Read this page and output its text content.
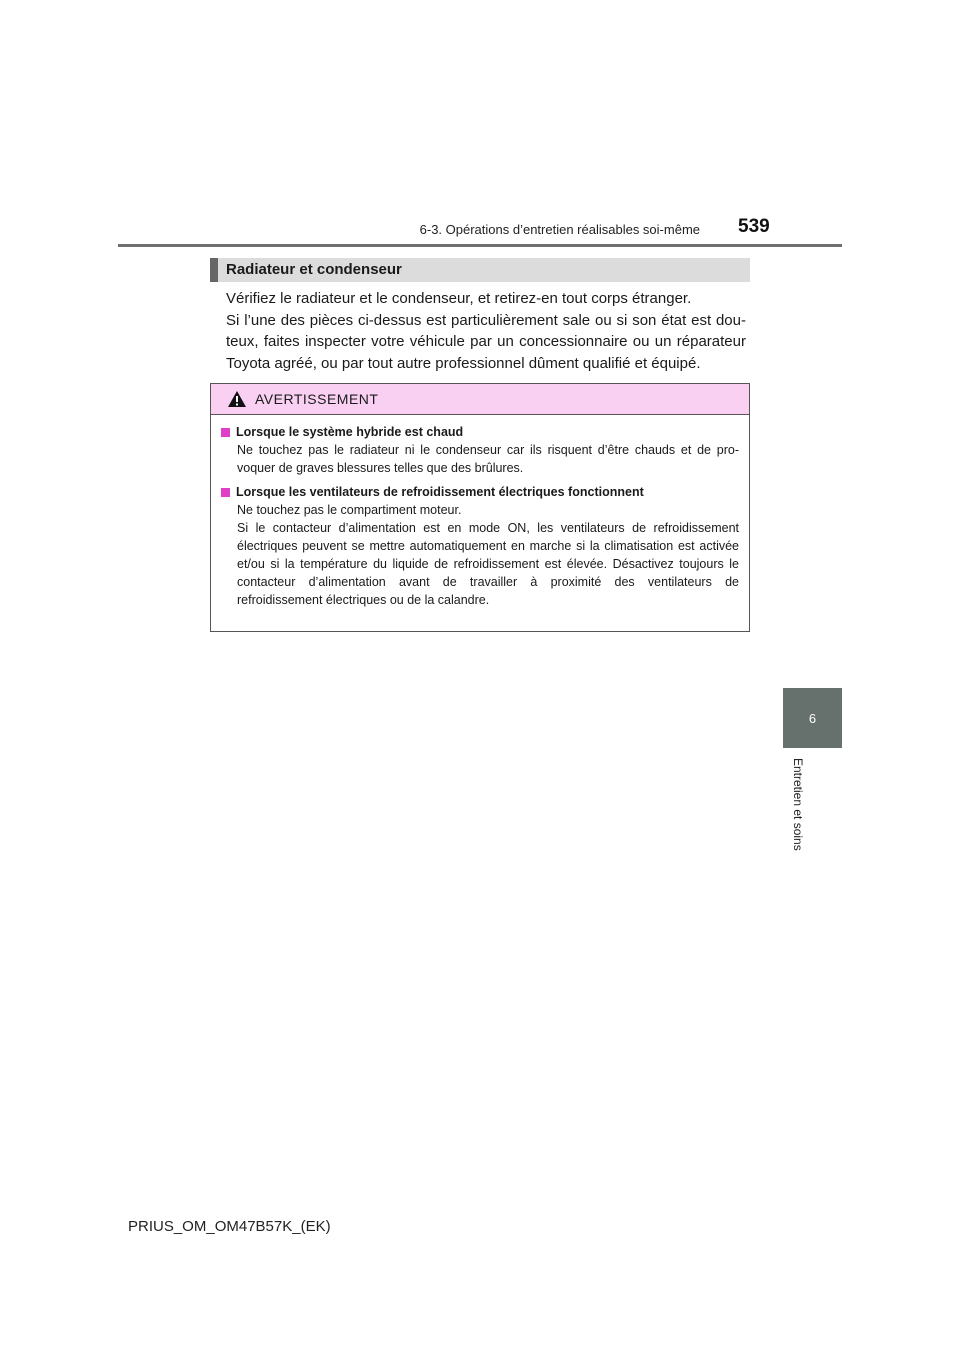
6-3. Opérations d’entretien réalisables soi-même 539
6
Entretien et soins
Radiateur et condenseur

Vérifiez le radiateur et le condenseur, et retirez-en tout corps étranger.

Si l’une des pièces ci-dessus est particulièrement sale ou si son état est dou-teux, faites inspecter votre véhicule par un concessionnaire ou un réparateur Toyota agréé, ou par tout autre professionnel dûment qualifié et équipé.

AVERTISSEMENT
Lorsque le système hybride est chaud

Ne touchez pas le radiateur ni le condenseur car ils risquent d’être chauds et de pro-voquer de graves blessures telles que des brûlures.

Lorsque les ventilateurs de refroidissement électriques fonctionnent

Ne touchez pas le compartiment moteur.

Si le contacteur d’alimentation est en mode ON, les ventilateurs de refroidissement électriques peuvent se mettre automatiquement en marche si la climatisation est activée et/ou si la température du liquide de refroidissement est élevée. Désactivez toujours le contacteur d’alimentation avant de travailler à proximité des ventilateurs de refroidissement électriques ou de la calandre.

PRIUS_OM_OM47B57K_(EK)
